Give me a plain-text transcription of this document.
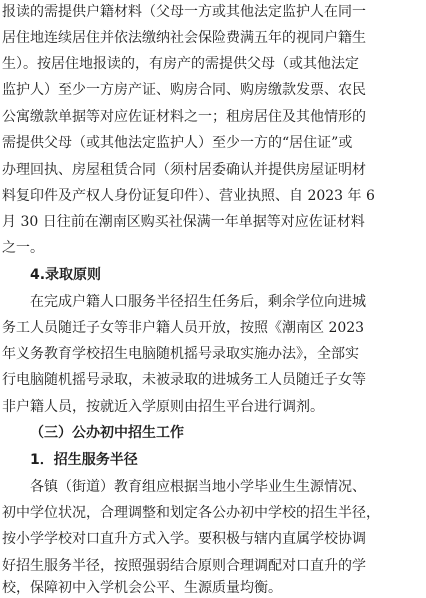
报读的需提供户籍材料（父母一方或其他法定监护人在同一
居住地连续居住并依法缴纳社会保险费满五年的视同户籍生
生）。按居住地报读的，有房产的需提供父母（或其他法定
监护人）至少一方房产证、购房合同、购房缴款发票、农民
公寓缴款单据等对应佐证材料之一；租房居住及其他情形的
需提供父母（或其他法定监护人）至少一方的“居住证”或
办理回执、房屋租赁合同（须村居委确认并提供房屋证明材
料复印件及产权人身份证复印件）、营业执照、自 2023 年 6
月 30 日往前在潮南区购买社保满一年单据等对应佐证材料
之一。
4.录取原则
在完成户籍人口服务半径招生任务后，剩余学位向进城
务工人员随迁子女等非户籍人员开放，按照《潮南区 2023
年义务教育学校招生电脑随机摇号录取实施办法》，全部实
行电脑随机摇号录取，未被录取的进城务工人员随迁子女等
非户籍人员，按就近入学原则由招生平台进行调剂。
（三）公办初中招生工作
1．招生服务半径
各镇（街道）教育组应根据当地小学毕业生生源情况、
初中学位状况，合理调整和划定各公办初中学校的招生半径，
按小学学校对口直升方式入学。要积极与辖内直属学校协调
好招生服务半径，按照强弱结合原则合理调配对口直升的学
校，保障初中入学机会公平、生源质量均衡。
